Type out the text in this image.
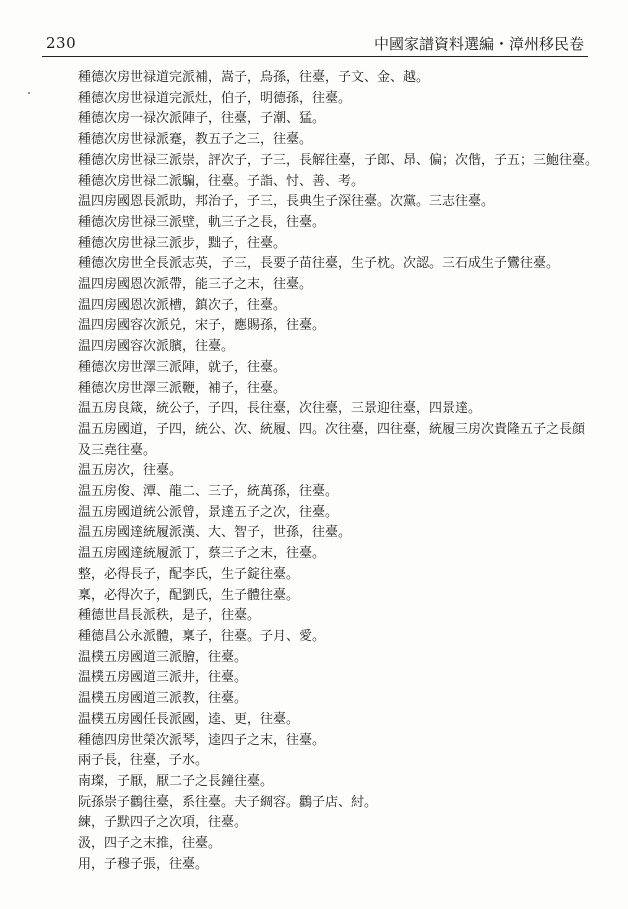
230	中國家譜資料選編・漳州移民卷
種德次房世禄道完派補，嵩子，烏孫，往臺，子文、金、越。
種德次房世禄道完派灶，伯子，明德孫，往臺。
種德次房一禄次派陣子，往臺，子潮、猛。
種德次房世禄派蹇，教五子之三，往臺。
種德次房世禄三派崇，評次子，子三，長解往臺，子郎、昂、偏；次偕，子五；三鮑往臺。
種德次房世禄二派騙，往臺。子詣、忖、善、考。
温四房國恩長派助，邦治子，子三，長典生子深往臺。次黨。三志往臺。
種德次房世禄三派壁，軌三子之長，往臺。
種德次房世禄三派步，黜子，往臺。
種德次房世全長派志英，子三，長要子苗往臺，生子枕。次認。三石成生子鸞往臺。
温四房國恩次派帶，能三子之末，往臺。
温四房國恩次派槽，鎮次子，往臺。
温四房國容次派兑，宋子，應賜孫，往臺。
温四房國容次派臏，往臺。
種德次房世澤三派陣，就子，往臺。
種德次房世澤三派鞭，補子，往臺。
温五房良箴，統公子，子四，長往臺，次往臺，三景迎往臺，四景達。
温五房國道，子四，統公、次、統履、四。次往臺，四往臺，統履三房次貴隆五子之長顔及三堯往臺。
温五房次，往臺。
温五房俊、潭、龍二、三子，統萬孫，往臺。
温五房國道統公派曾，景達五子之次，往臺。
温五房國達統履派漢、大、智子，世孫，往臺。
温五房國達統履派丁，蔡三子之末，往臺。
整，必得長子，配李氏，生子錠往臺。
稟，必得次子，配劉氏，生子體往臺。
種德世昌長派秩，是子，往臺。
種德昌公永派體，稟子，往臺。子月、愛。
温樸五房國道三派膾，往臺。
温樸五房國道三派井，往臺。
温樸五房國道三派教，往臺。
温樸五房國任長派國，逵、更，往臺。
種德四房世榮次派琴，逵四子之末，往臺。
兩子長，往臺，子水。
南璨，子厭，厭二子之長鐘往臺。
阮孫崇子鸛往臺，系往臺。夫子綢容。鸛子店、紂。
練，子默四子之次項，往臺。
汲，四子之末推，往臺。
用，子穆子張，往臺。
